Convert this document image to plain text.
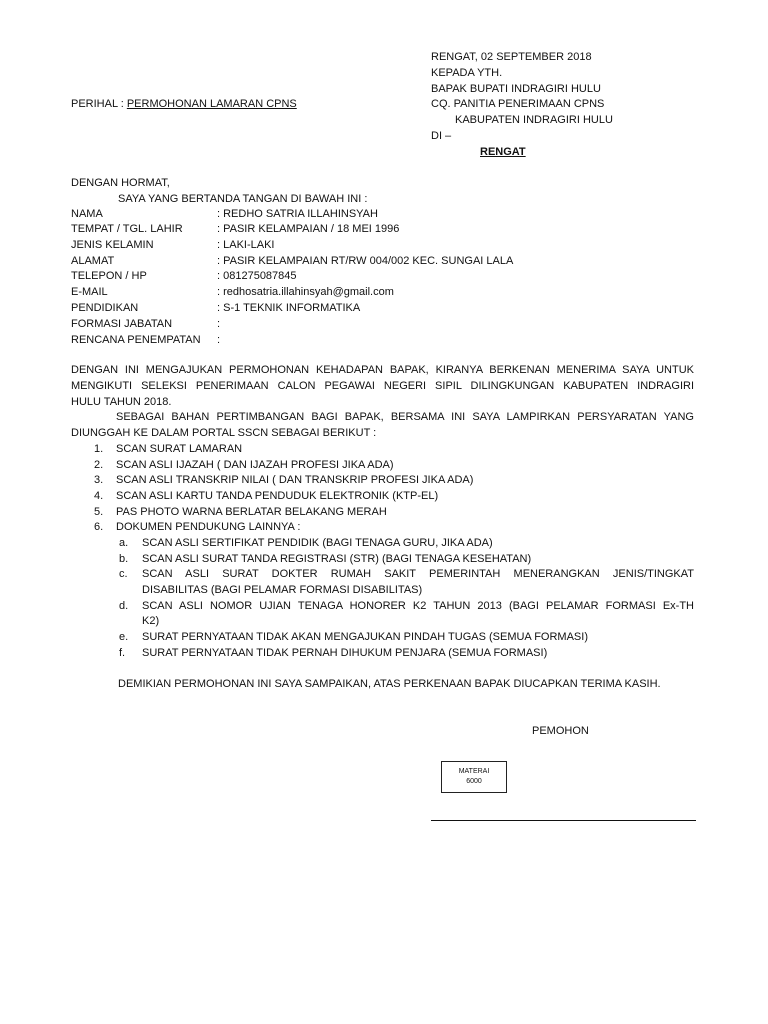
RENGAT, 02 SEPTEMBER 2018
KEPADA YTH.
BAPAK BUPATI INDRAGIRI HULU
CQ. PANITIA PENERIMAAN CPNS
KABUPATEN INDRAGIRI HULU
DI –
RENGAT
PERIHAL : PERMOHONAN LAMARAN CPNS
DENGAN HORMAT,
SAYA YANG BERTANDA TANGAN DI BAWAH INI :
NAMA	: REDHO SATRIA ILLAHINSYAH
TEMPAT / TGL. LAHIR	: PASIR KELAMPAIAN / 18 MEI 1996
JENIS KELAMIN	: LAKI-LAKI
ALAMAT	: PASIR KELAMPAIAN RT/RW 004/002 KEC. SUNGAI LALA
TELEPON / HP	: 081275087845
E-MAIL	: redhosatria.illahinsyah@gmail.com
PENDIDIKAN	: S-1 TEKNIK INFORMATIKA
FORMASI JABATAN	:
RENCANA PENEMPATAN :
DENGAN INI MENGAJUKAN PERMOHONAN KEHADAPAN BAPAK, KIRANYA BERKENAN MENERIMA SAYA UNTUK
MENGIKUTI SELEKSI PENERIMAAN CALON PEGAWAI NEGERI SIPIL DILINGKUNGAN KABUPATEN INDRAGIRI
HULU TAHUN 2018.
SEBAGAI BAHAN PERTIMBANGAN BAGI BAPAK, BERSAMA INI SAYA LAMPIRKAN PERSYARATAN YANG
DIUNGGAH KE DALAM PORTAL SSCN SEBAGAI BERIKUT :
1. SCAN SURAT LAMARAN
2. SCAN ASLI IJAZAH ( DAN IJAZAH PROFESI JIKA ADA)
3. SCAN ASLI TRANSKRIP NILAI ( DAN TRANSKRIP PROFESI JIKA ADA)
4. SCAN ASLI KARTU TANDA PENDUDUK ELEKTRONIK (KTP-EL)
5. PAS PHOTO WARNA BERLATAR BELAKANG MERAH
6. DOKUMEN PENDUKUNG LAINNYA :
a. SCAN ASLI SERTIFIKAT PENDIDIK (BAGI TENAGA GURU, JIKA ADA)
b. SCAN ASLI SURAT TANDA REGISTRASI (STR) (BAGI TENAGA KESEHATAN)
c. SCAN ASLI SURAT DOKTER RUMAH SAKIT PEMERINTAH MENERANGKAN JENIS/TINGKAT
DISABILITAS (BAGI PELAMAR FORMASI DISABILITAS)
d. SCAN ASLI NOMOR UJIAN TENAGA HONORER K2 TAHUN 2013 (BAGI PELAMAR FORMASI Ex-TH
K2)
e. SURAT PERNYATAAN TIDAK AKAN MENGAJUKAN PINDAH TUGAS (SEMUA FORMASI)
f. SURAT PERNYATAAN TIDAK PERNAH DIHUKUM PENJARA (SEMUA FORMASI)
DEMIKIAN PERMOHONAN INI SAYA SAMPAIKAN, ATAS PERKENAAN BAPAK DIUCAPKAN TERIMA KASIH.
PEMOHON
MATERAI
6000
